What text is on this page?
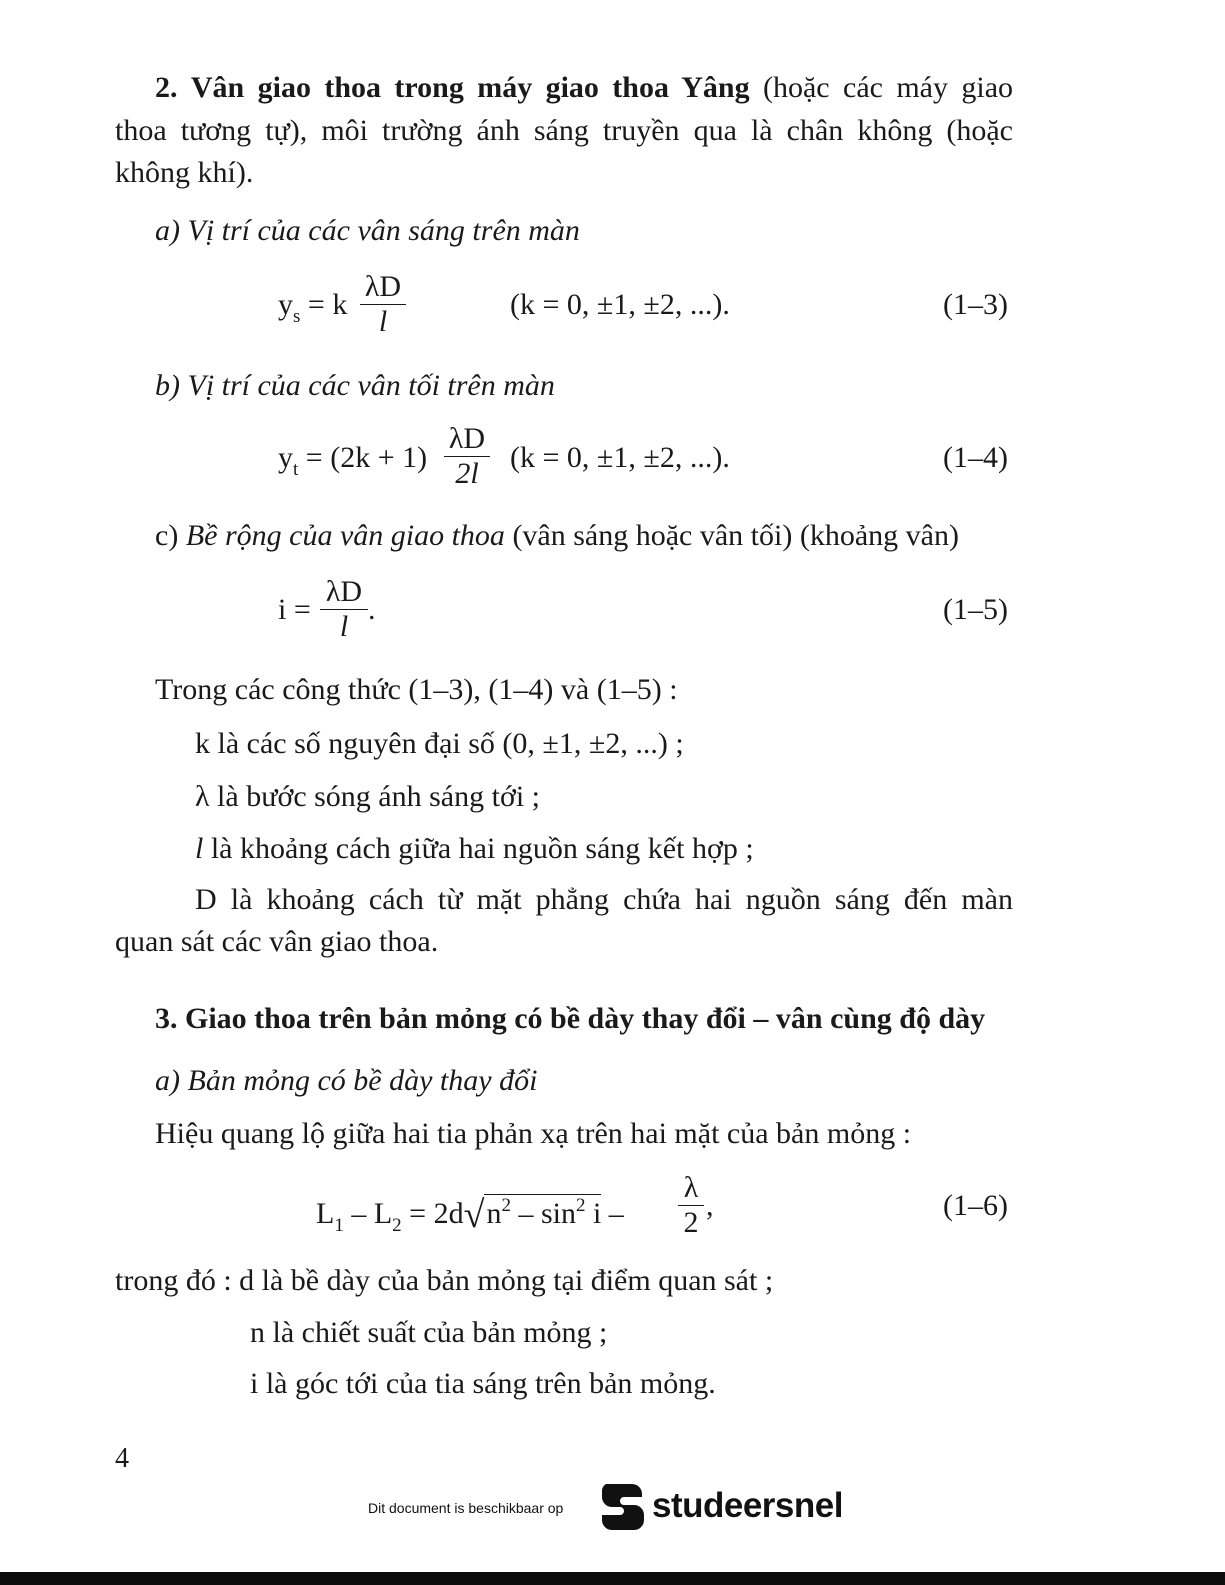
2. Vân giao thoa trong máy giao thoa Yâng (hoặc các máy giao
thoa tương tự), môi trường ánh sáng truyền qua là chân không (hoặc
không khí).
a) Vị trí của các vân sáng trên màn
$y_s = k \frac{\lambda D}{l}$	(k = 0, ±1, ±2, ...).	(1–3)
b) Vị trí của các vân tối trên màn
$y_t = (2k + 1) \frac{\lambda D}{2l} (k = 0$, ±1, ±2, ...).	(1–4)
c) Bề rộng của vân giao thoa (vân sáng hoặc vân tối) (khoảng vân)
$i = \frac{\lambda D}{l}$ .	(1–5)
Trong các công thức (1–3), (1–4) và (1–5) :
k là các số nguyên đại số (0, ±1, ±2, ...) ;
λ là bước sóng ánh sáng tới ;
l là khoảng cách giữa hai nguồn sáng kết hợp ;
D là khoảng cách từ mặt phẳng chứa hai nguồn sáng đến màn
quan sát các vân giao thoa.
3. Giao thoa trên bản mỏng có bề dày thay đổi – vân cùng độ dày
a) Bản mỏng có bề dày thay đổi
Hiệu quang lộ giữa hai tia phản xạ trên hai mặt của bản mỏng :
$L_1 - L_2 = 2d√n^2 - \sin^2 i - \frac{\lambda}{2}$ ,	(1–6)
trong đó : d là bề dày của bản mỏng tại điểm quan sát ;
n là chiết suất của bản mỏng ;
i là góc tới của tia sáng trên bản mỏng.
4
Dit document is beschikbaar op	studeersnel
